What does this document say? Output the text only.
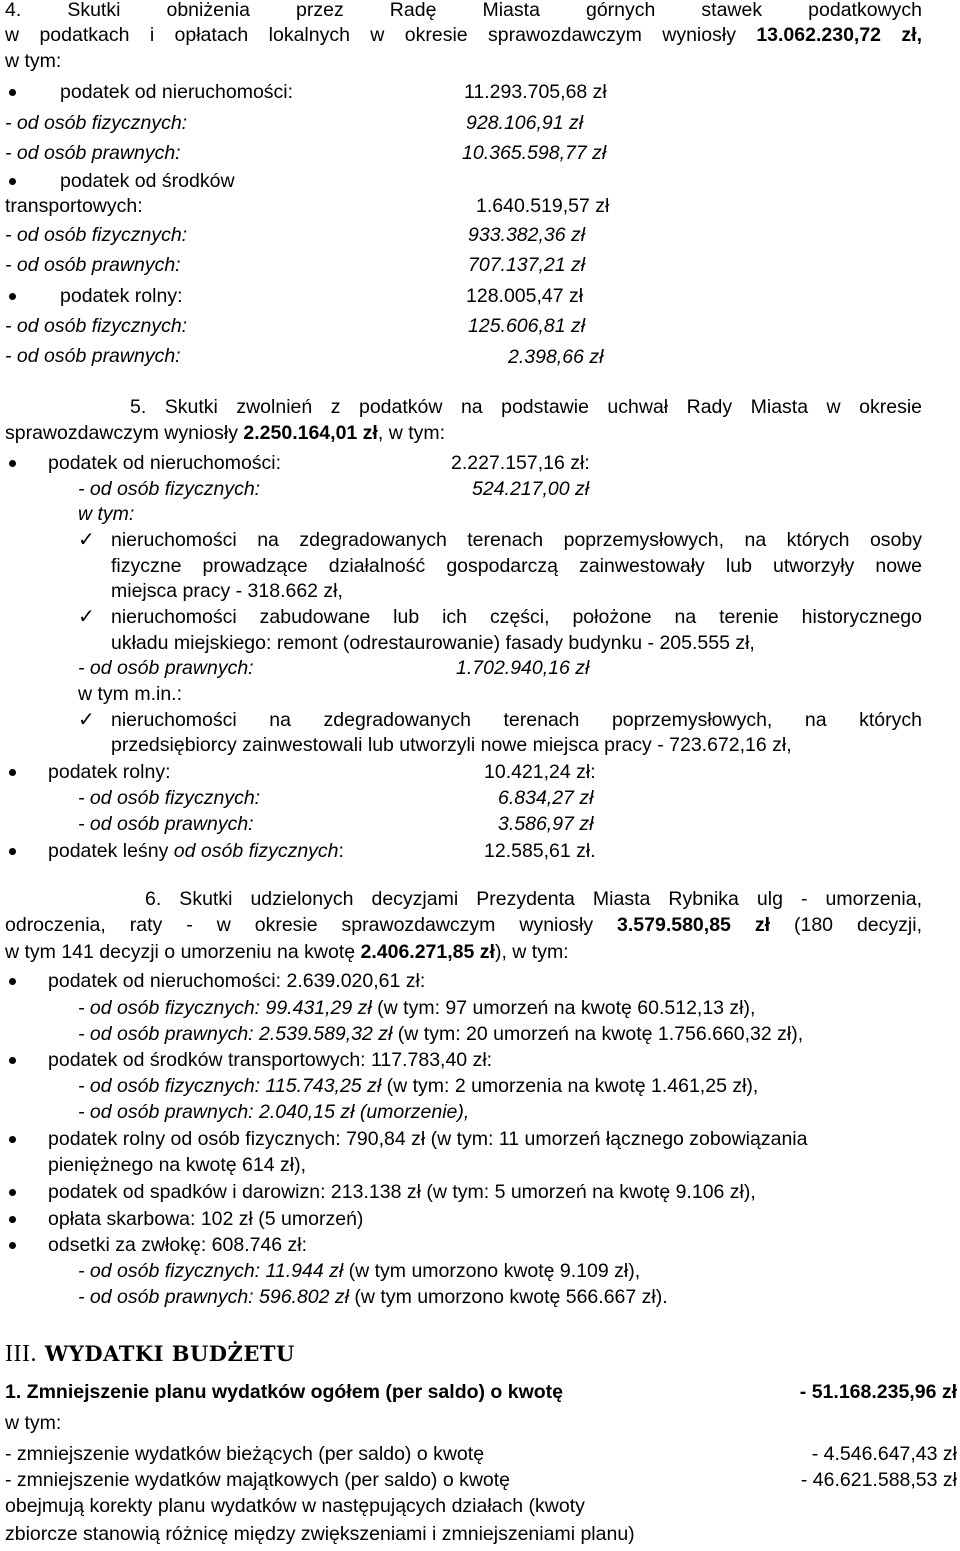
4. Skutki obniżenia przez Radę Miasta górnych stawek podatkowych
w podatkach i opłatach lokalnych w okresie sprawozdawczym wyniosły 13.062.230,72 zł,
w tym:
podatek od nieruchomości:	11.293.705,68 zł
- od osób fizycznych:	928.106,91 zł
- od osób prawnych:	10.365.598,77 zł
podatek od środków
transportowych:	1.640.519,57 zł
- od osób fizycznych:	933.382,36 zł
- od osób prawnych:	707.137,21 zł
podatek rolny:	128.005,47 zł
- od osób fizycznych:	125.606,81 zł
- od osób prawnych:	2.398,66 zł
5. Skutki zwolnień z podatków na podstawie uchwał Rady Miasta w okresie
sprawozdawczym wyniosły 2.250.164,01 zł, w tym:
podatek od nieruchomości:	2.227.157,16 zł:
- od osób fizycznych:	524.217,00 zł
w tym:
✓ nieruchomości na zdegradowanych terenach poprzemysłowych, na których osoby
fizyczne prowadzące działalność gospodarczą zainwestowały lub utworzyły nowe
miejsca pracy - 318.662 zł,
✓ nieruchomości zabudowane lub ich części, położone na terenie historycznego
układu miejskiego: remont (odrestaurowanie) fasady budynku - 205.555 zł,
- od osób prawnych:	1.702.940,16 zł
w tym m.in.:
✓ nieruchomości na zdegradowanych terenach poprzemysłowych, na których
przedsiębiorcy zainwestowali lub utworzyli nowe miejsca pracy - 723.672,16 zł,
podatek rolny:	10.421,24 zł:
- od osób fizycznych:	6.834,27 zł
- od osób prawnych:	3.586,97 zł
podatek leśny od osób fizycznych:	12.585,61 zł.
6. Skutki udzielonych decyzjami Prezydenta Miasta Rybnika ulg - umorzenia,
odroczenia, raty - w okresie sprawozdawczym wyniosły 3.579.580,85 zł (180 decyzji,
w tym 141 decyzji o umorzeniu na kwotę 2.406.271,85 zł), w tym:
podatek od nieruchomości: 2.639.020,61 zł:
- od osób fizycznych: 99.431,29 zł (w tym: 97 umorzeń na kwotę 60.512,13 zł),
- od osób prawnych: 2.539.589,32 zł (w tym: 20 umorzeń na kwotę 1.756.660,32 zł),
podatek od środków transportowych: 117.783,40 zł:
- od osób fizycznych: 115.743,25 zł (w tym: 2 umorzenia na kwotę 1.461,25 zł),
- od osób prawnych: 2.040,15 zł (umorzenie),
podatek rolny od osób fizycznych: 790,84 zł (w tym: 11 umorzeń łącznego zobowiązania
pieniężnego na kwotę 614 zł),
podatek od spadków i darowizn: 213.138 zł (w tym: 5 umorzeń na kwotę 9.106 zł),
opłata skarbowa: 102 zł (5 umorzeń)
odsetki za zwłokę: 608.746 zł:
- od osób fizycznych: 11.944 zł (w tym umorzono kwotę 9.109 zł),
- od osób prawnych: 596.802 zł (w tym umorzono kwotę 566.667 zł).
III. WYDATKI BUDŻETU
1. Zmniejszenie planu wydatków ogółem (per saldo) o kwotę	- 51.168.235,96 zł
w tym:
- zmniejszenie wydatków bieżących (per saldo) o kwotę	- 4.546.647,43 zł
- zmniejszenie wydatków majątkowych (per saldo) o kwotę	- 46.621.588,53 zł
obejmują korekty planu wydatków w następujących działach (kwoty
zbiorcze stanowią różnicę między zwiększeniami i zmniejszeniami planu)
